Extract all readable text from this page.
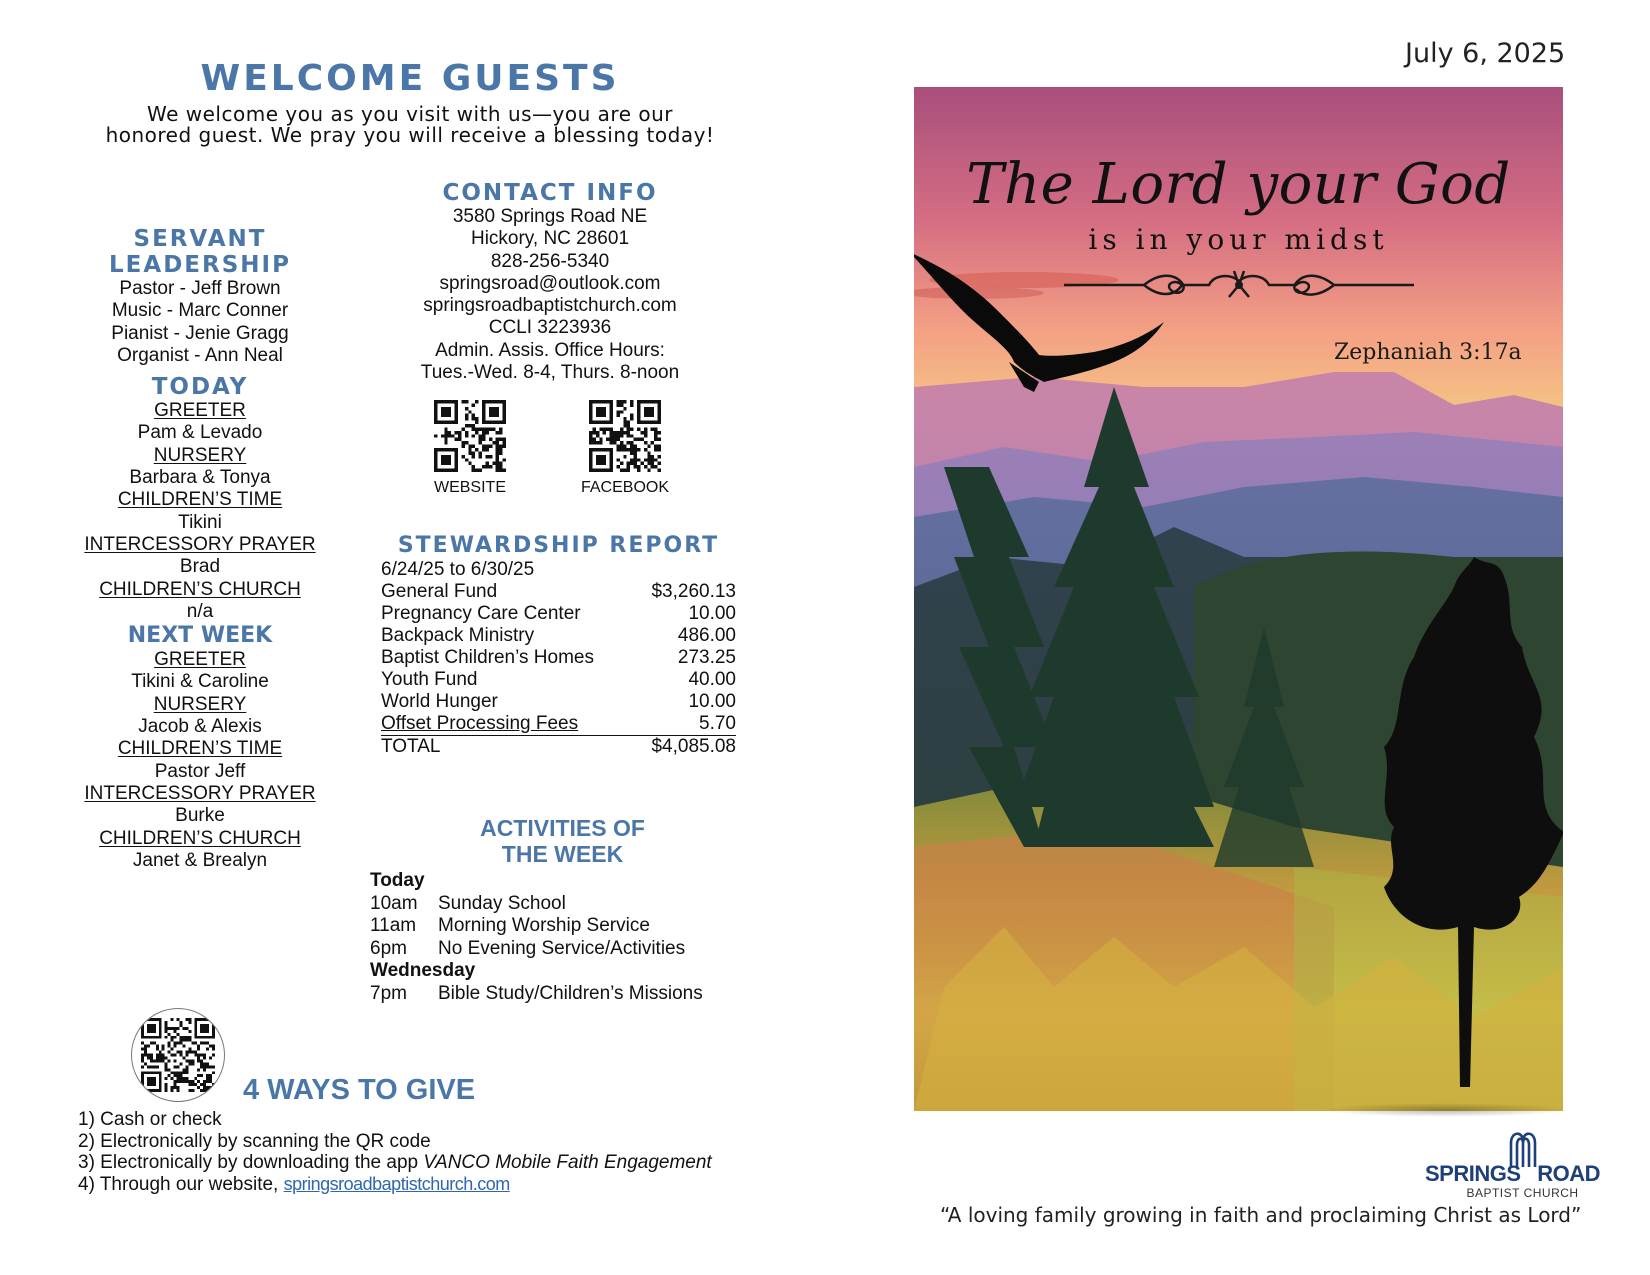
WELCOME GUESTS
We welcome you as you visit with us—you are our
honored guest. We pray you will receive a blessing today!
SERVANT
LEADERSHIP
Pastor - Jeff Brown
Music - Marc Conner
Pianist - Jenie Gragg
Organist - Ann Neal
TODAY
GREETER
Pam & Levado
NURSERY
Barbara & Tonya
CHILDREN’S TIME
Tikini
INTERCESSORY PRAYER
Brad
CHILDREN’S CHURCH
n/a
NEXT WEEK
GREETER
Tikini & Caroline
NURSERY
Jacob & Alexis
CHILDREN’S TIME
Pastor Jeff
INTERCESSORY PRAYER
Burke
CHILDREN’S CHURCH
Janet & Brealyn
CONTACT INFO
3580 Springs Road NE
Hickory, NC 28601
828-256-5340
springsroad@outlook.com
springsroadbaptistchurch.com
CCLI 3223936
Admin. Assis. Office Hours:
Tues.-Wed. 8-4, Thurs. 8-noon
WEBSITE	FACEBOOK
STEWARDSHIP REPORT
6/24/25 to 6/30/25
General Fund	$3,260.13
Pregnancy Care Center	10.00
Backpack Ministry	486.00
Baptist Children’s Homes	273.25
Youth Fund	40.00
World Hunger	10.00
Offset Processing Fees	5.70
TOTAL	$4,085.08
ACTIVITIES OF
THE WEEK
Today
10am	Sunday School
11am	Morning Worship Service
6pm	No Evening Service/Activities
Wednesday
7pm	Bible Study/Children’s Missions
4 WAYS TO GIVE
1) Cash or check
2) Electronically by scanning the QR code
3) Electronically by downloading the app VANCO Mobile Faith Engagement
4) Through our website, springsroadbaptistchurch.com
July 6, 2025
The Lord your God
is in your midst
Zephaniah 3:17a
SPRINGS ROAD
BAPTIST CHURCH
“A loving family growing in faith and proclaiming Christ as Lord”
